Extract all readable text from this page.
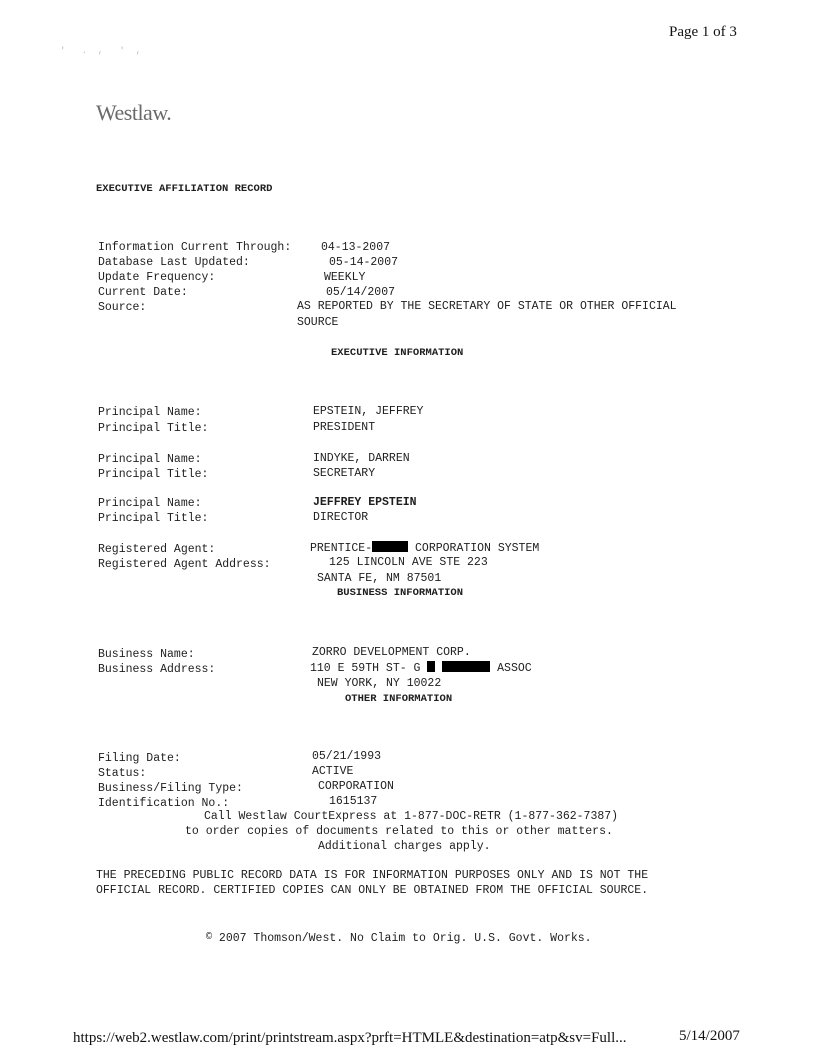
Page 1 of 3
'   .  ,   '  ,
Westlaw.
EXECUTIVE AFFILIATION RECORD
Information Current Through:	04-13-2007
Database Last Updated:	05-14-2007
Update Frequency:	WEEKLY
Current Date:	05/14/2007
Source:	AS REPORTED BY THE SECRETARY OF STATE OR OTHER OFFICIAL
SOURCE
EXECUTIVE INFORMATION
Principal Name:	EPSTEIN, JEFFREY
Principal Title:	PRESIDENT
Principal Name:	INDYKE, DARREN
Principal Title:	SECRETARY
Principal Name:	JEFFREY EPSTEIN
Principal Title:	DIRECTOR
Registered Agent:	PRENTICE-	CORPORATION SYSTEM
Registered Agent Address:	125 LINCOLN AVE STE 223
SANTA FE, NM 87501
BUSINESS INFORMATION
Business Name:	ZORRO DEVELOPMENT CORP.
Business Address:	110 E 59TH ST- G	ASSOC
NEW YORK, NY 10022
OTHER INFORMATION
Filing Date:	05/21/1993
Status:	ACTIVE
Business/Filing Type:	CORPORATION
Identification No.:	1615137
Call Westlaw CourtExpress at 1-877-DOC-RETR (1-877-362-7387)
to order copies of documents related to this or other matters.
Additional charges apply.
THE PRECEDING PUBLIC RECORD DATA IS FOR INFORMATION PURPOSES ONLY AND IS NOT THE
OFFICIAL RECORD. CERTIFIED COPIES CAN ONLY BE OBTAINED FROM THE OFFICIAL SOURCE.
© 2007 Thomson/West. No Claim to Orig. U.S. Govt. Works.
https://web2.westlaw.com/print/printstream.aspx?prft=HTMLE&destination=atp&sv=Full...	5/14/2007
